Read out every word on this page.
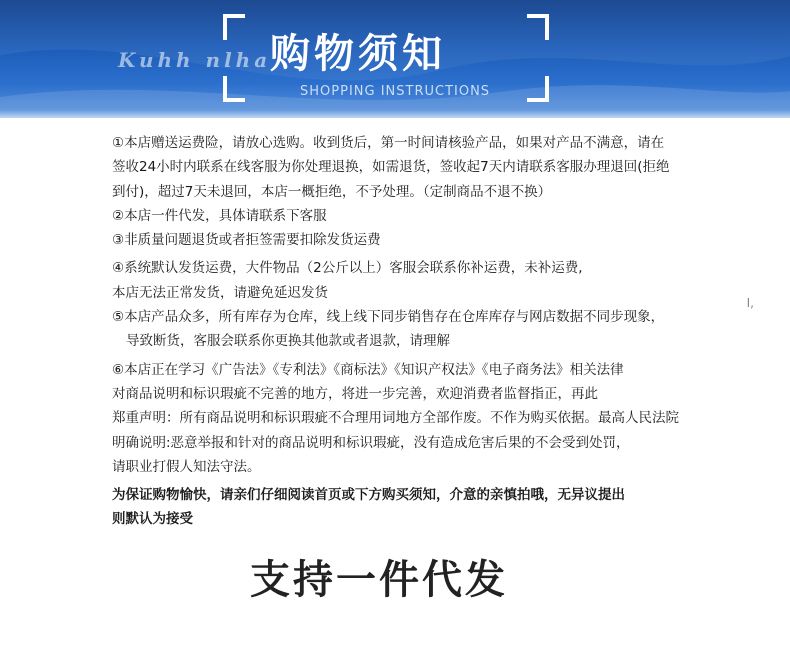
Kuhh nlha
购物须知
SHOPPING INSTRUCTIONS

①本店赠送运费险，请放心选购。收到货后，第一时间请核验产品，如果对产品不满意，请在

签收24小时内联系在线客服为你处理退换，如需退货，签收起7天内请联系客服办理退回(拒绝

到付)，超过7天未退回，本店一概拒绝，不予处理。（定制商品不退不换）

②本店一件代发，具体请联系下客服

③非质量问题退货或者拒签需要扣除发货运费

④系统默认发货运费，大件物品（2公斤以上）客服会联系你补运费，未补运费,

本店无法正常发货，请避免延迟发货

⑤本店产品众多，所有库存为仓库，线上线下同步销售存在仓库库存与网店数据不同步现象，

导致断货，客服会联系你更换其他款或者退款，请理解

⑥本店正在学习《广告法》《专利法》《商标法》《知识产权法》《电子商务法》相关法律

对商品说明和标识瑕疵不完善的地方，将进一步完善，欢迎消费者监督指正，再此

郑重声明：所有商品说明和标识瑕疵不合理用词地方全部作废。不作为购买依据。最高人民法院

明确说明:恶意举报和针对的商品说明和标识瑕疵，没有造成危害后果的不会受到处罚，

请职业打假人知法守法。

为保证购物愉快，请亲们仔细阅读首页或下方购买须知，介意的亲慎拍哦，无异议提出

则默认为接受

I,
支持一件代发
